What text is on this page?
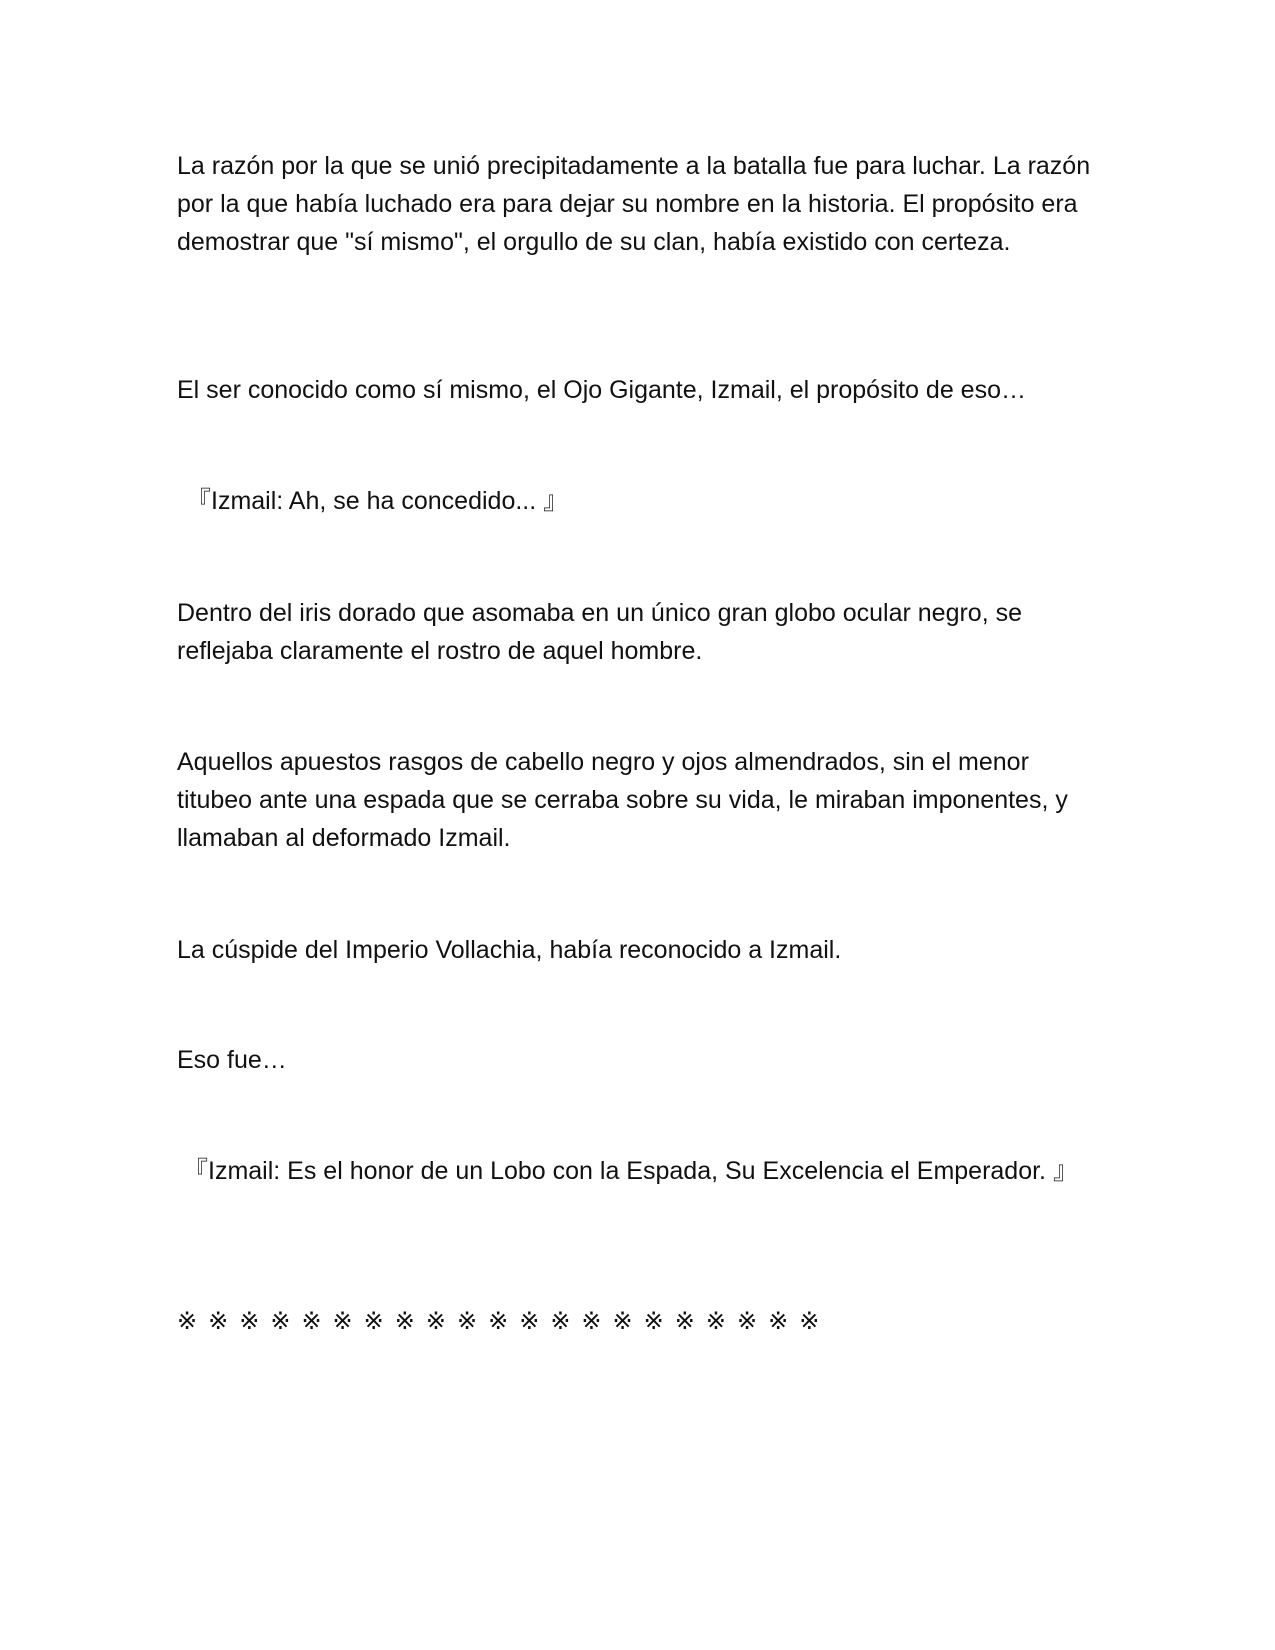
La razón por la que se unió precipitadamente a la batalla fue para luchar. La razón por la que había luchado era para dejar su nombre en la historia. El propósito era demostrar que "sí mismo", el orgullo de su clan, había existido con certeza.

El ser conocido como sí mismo, el Ojo Gigante, Izmail, el propósito de eso…

『Izmail: Ah, se ha concedido... 』

Dentro del iris dorado que asomaba en un único gran globo ocular negro, se reflejaba claramente el rostro de aquel hombre.

Aquellos apuestos rasgos de cabello negro y ojos almendrados, sin el menor titubeo ante una espada que se cerraba sobre su vida, le miraban imponentes, y llamaban al deformado Izmail.

La cúspide del Imperio Vollachia, había reconocido a Izmail.

Eso fue…

『Izmail: Es el honor de un Lobo con la Espada, Su Excelencia el Emperador. 』

※※※※※※※※※※※※※※※※※※※※※
